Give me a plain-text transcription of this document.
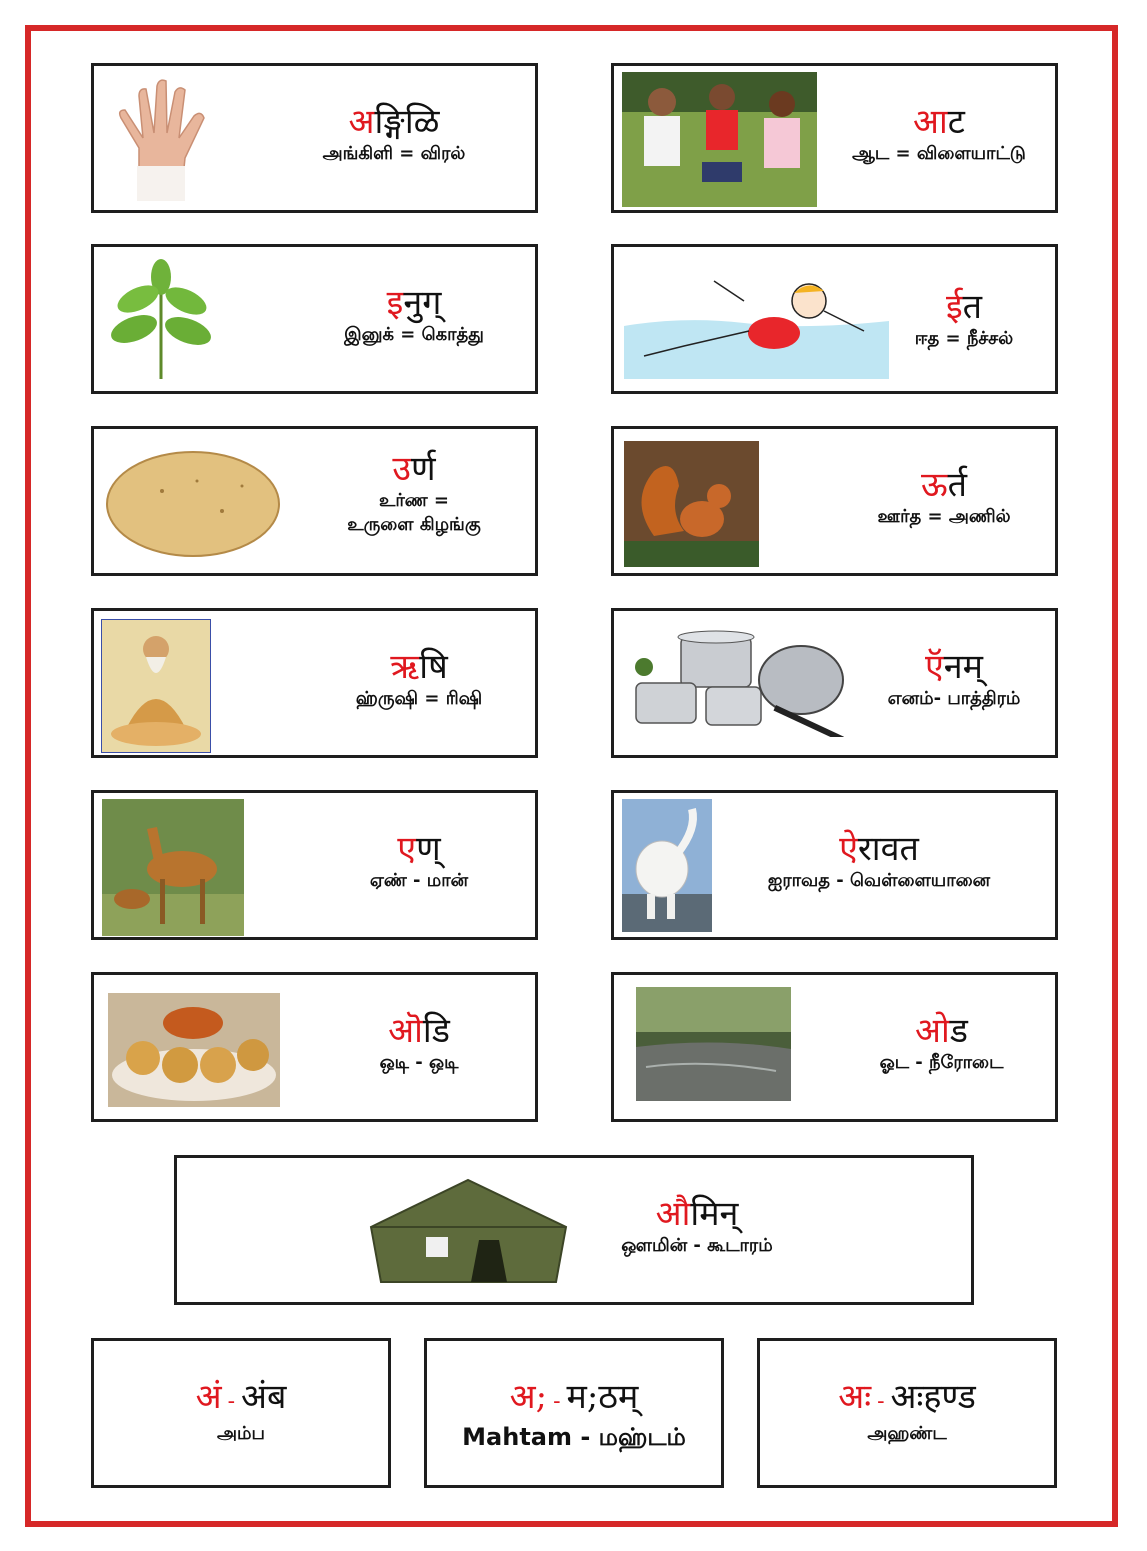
अङ्गिळि
அங்கிளி = விரல்
आट
ஆட = விளையாட்டு
इनुग्
இனுக் = கொத்து
ईत
ஈத = நீச்சல்
उर्ण
உர்ண =
உருளை கிழங்கு
ऊर्त
ஊர்த = அணில்
ऋषि
ஹ்ருஷி = ரிஷி
ऍनम्
எனம்- பாத்திரம்
एण्
ஏண் - மான்
ऐरावत
ஐராவத - வெள்ளையானை
ऒडि
ஒடி - ஒடி
ओड
ஓட - நீரோடை
औमिन्
ஔமின் - கூடாரம்
अं - अंब
அம்ப
अ; - म;ठम्
Mahtam - மஹ்டம்
अः - अःहण्ड
அஹண்ட
